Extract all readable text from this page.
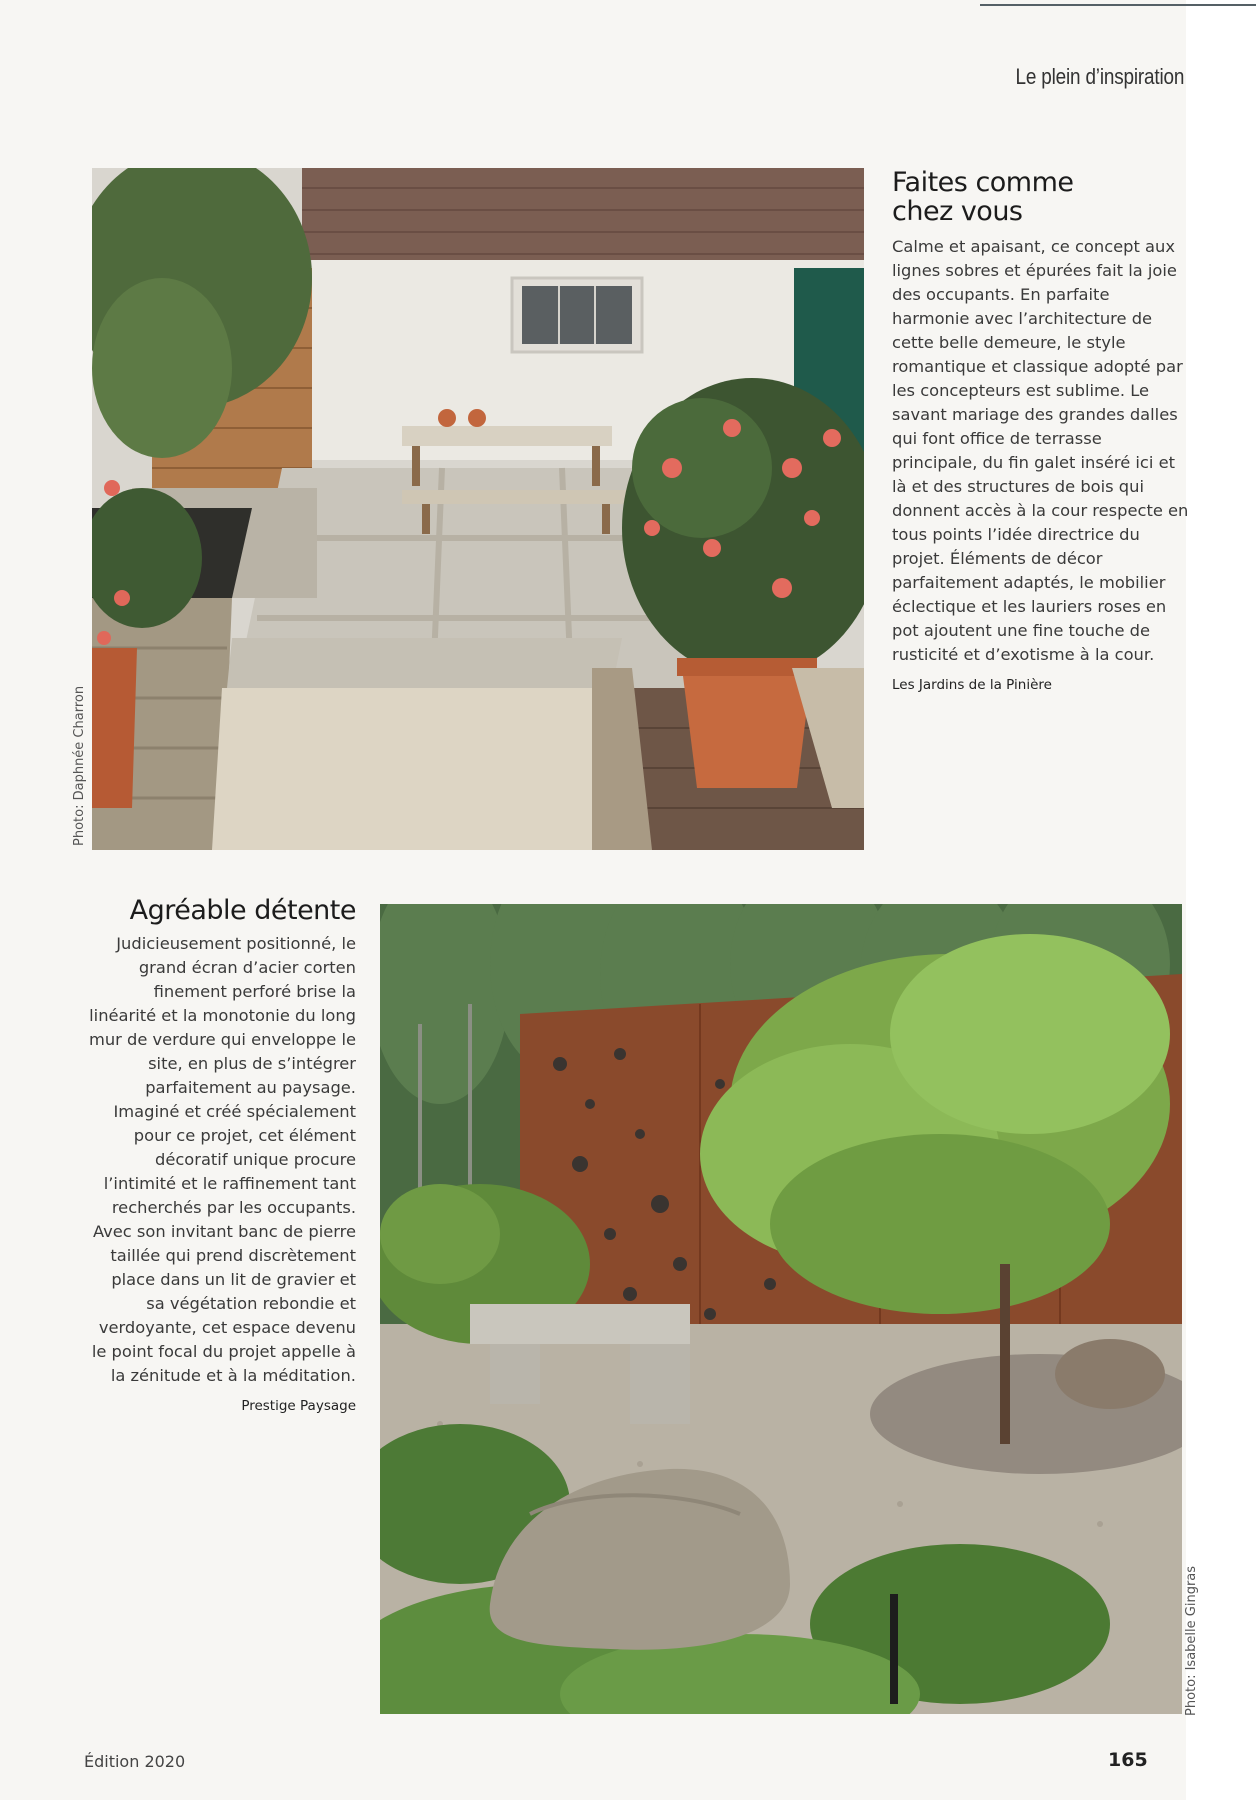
Le plein d’inspiration
Photo: Daphnée Charron
Faites comme
chez vous
Calme et apaisant, ce concept aux lignes sobres et épurées fait la joie des occupants. En parfaite harmonie avec l’architecture de cette belle demeure, le style romantique et classique adopté par les concepteurs est sublime. Le savant mariage des grandes dalles qui font office de terrasse principale, du fin galet inséré ici et là et des structures de bois qui donnent accès à la cour respecte en tous points l’idée directrice du projet. Éléments de décor parfaitement adaptés, le mobilier éclectique et les lauriers roses en pot ajoutent une fine touche de rusticité et d’exotisme à la cour.
Les Jardins de la Pinière
Agréable détente
Judicieusement positionné, le grand écran d’acier corten finement perforé brise la linéarité et la monotonie du long mur de verdure qui enveloppe le site, en plus de s’intégrer parfaitement au paysage. Imaginé et créé spécialement pour ce projet, cet élément décoratif unique procure l’intimité et le raffinement tant recherchés par les occupants. Avec son invitant banc de pierre taillée qui prend discrètement place dans un lit de gravier et sa végétation rebondie et verdoyante, cet espace devenu le point focal du projet appelle à la zénitude et à la méditation.
Prestige Paysage
Photo: Isabelle Gingras
Édition 2020	165
